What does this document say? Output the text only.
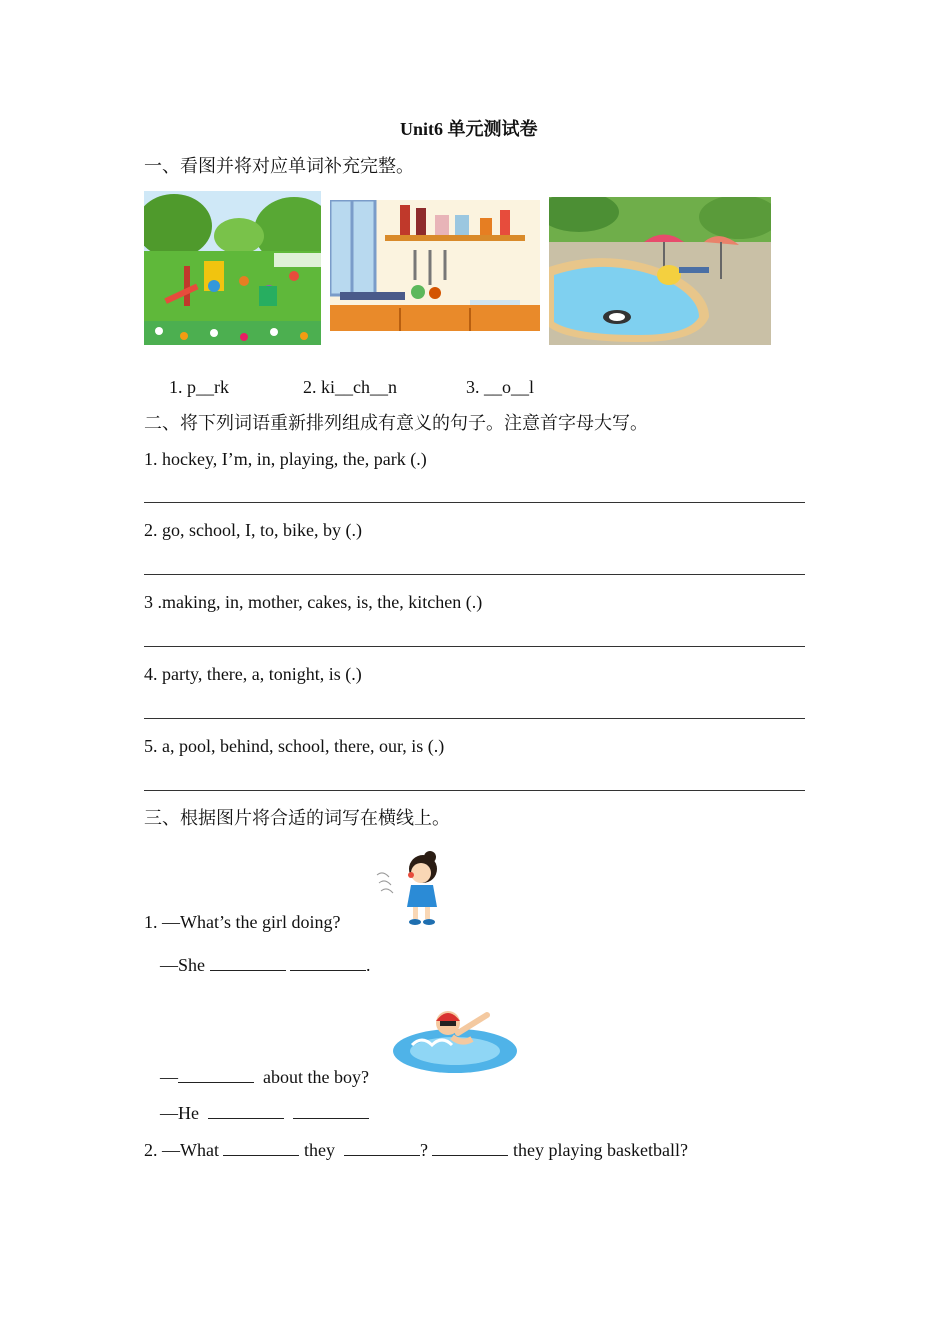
Unit6 单元测试卷
一、看图并将对应单词补充完整。
1. p__rk	2. ki__ch__n	3. __o__l
二、将下列词语重新排列组成有意义的句子。注意首字母大写。
1. hockey, I’m, in, playing, the, park (.)
2. go, school, I, to, bike, by (.)
3 .making, in, mother, cakes, is, the, kitchen (.)
4. party, there, a, tonight, is (.)
5. a, pool, behind, school, there, our, is (.)
三、根据图片将合适的词写在横线上。
1. —What’s the girl doing?
—She	.
—	about the boy?
—He
2. —What	they	?	they playing basketball?
